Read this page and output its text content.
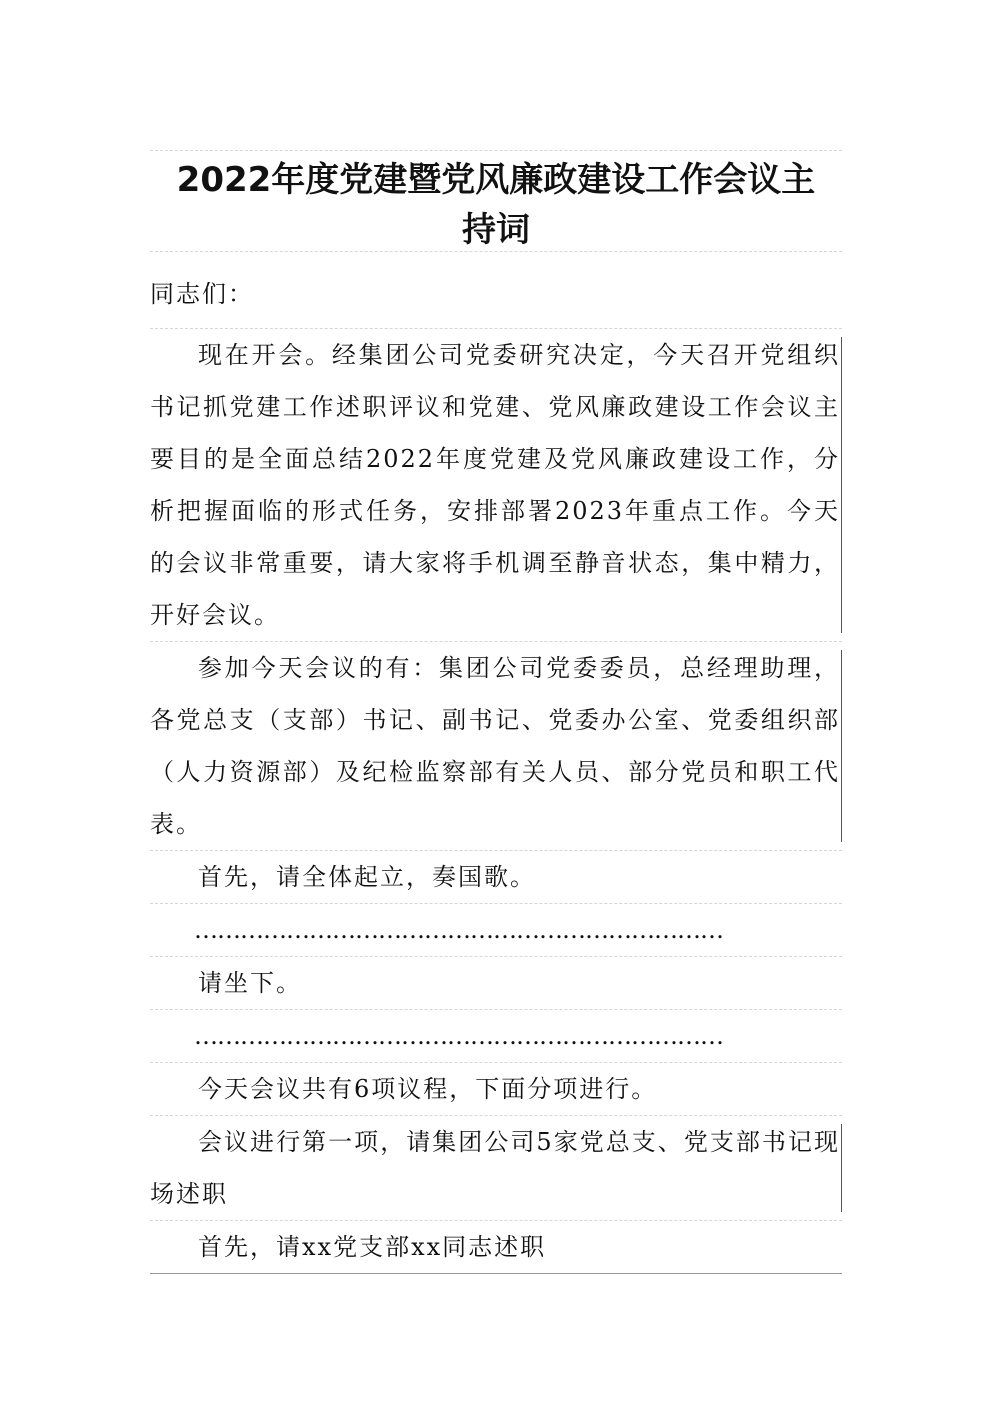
2022年度党建暨党风廉政建设工作会议主
持词
同志们：
现在开会。经集团公司党委研究决定，今天召开党组织书记抓党建工作述职评议和党建、党风廉政建设工作会议主要目的是全面总结2022年度党建及党风廉政建设工作，分析把握面临的形式任务，安排部署2023年重点工作。今天的会议非常重要，请大家将手机调至静音状态，集中精力，开好会议。
参加今天会议的有：集团公司党委委员，总经理助理，各党总支（支部）书记、副书记、党委办公室、党委组织部（人力资源部）及纪检监察部有关人员、部分党员和职工代表。
首先，请全体起立，奏国歌。
……………………………………………………………
请坐下。
……………………………………………………………
今天会议共有6项议程，下面分项进行。
会议进行第一项，请集团公司5家党总支、党支部书记现场述职
首先，请xx党支部xx同志述职
